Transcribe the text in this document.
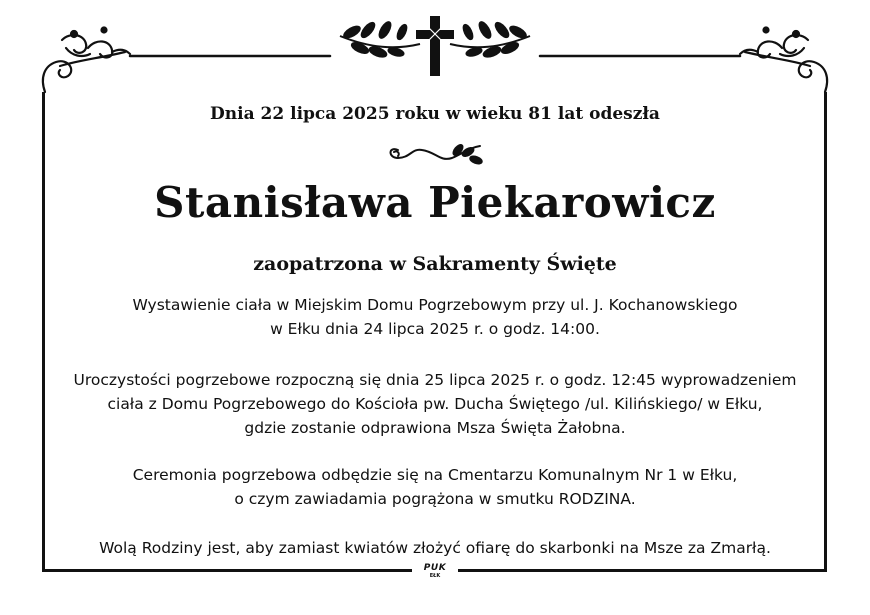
PUK
EŁK
Dnia 22 lipca 2025 roku w wieku 81 lat odeszła
Stanisława Piekarowicz
zaopatrzona w Sakramenty Święte
Wystawienie ciała w Miejskim Domu Pogrzebowym przy ul. J. Kochanowskiego
w Ełku dnia 24 lipca 2025 r. o godz. 14:00.
Uroczystości pogrzebowe rozpoczną się dnia 25 lipca 2025 r. o godz. 12:45 wyprowadzeniem
ciała z Domu Pogrzebowego do Kościoła pw. Ducha Świętego /ul. Kilińskiego/ w Ełku,
gdzie zostanie odprawiona Msza Święta Żałobna.
Ceremonia pogrzebowa odbędzie się na Cmentarzu Komunalnym Nr 1 w Ełku,
o czym zawiadamia pogrążona w smutku RODZINA.
Wolą Rodziny jest, aby zamiast kwiatów złożyć ofiarę do skarbonki na Msze za Zmarłą.
